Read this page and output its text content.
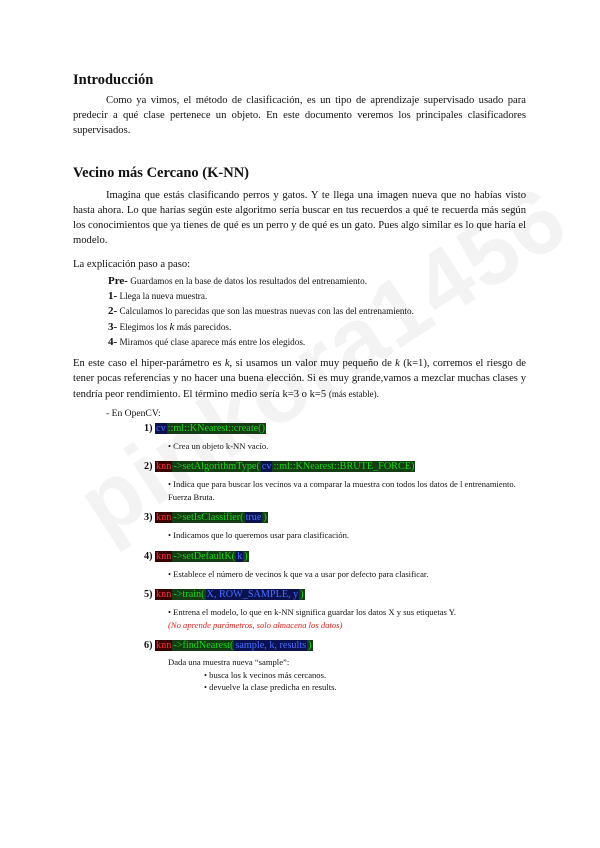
Introducción

Como ya vimos, el método de clasificación, es un tipo de aprendizaje supervisado usado para predecir a qué clase pertenece un objeto. En este documento veremos los principales clasificadores supervisados.

Vecino más Cercano (K-NN)

Imagina que estás clasificando perros y gatos. Y te llega una imagen nueva que no habías visto hasta ahora. Lo que harías según este algoritmo sería buscar en tus recuerdos a qué te recuerda más según los conocimientos que ya tienes de qué es un perro y de qué es un gato. Pues algo similar es lo que haría el modelo.

La explicación paso a paso:

Pre- Guardamos en la base de datos los resultados del entrenamiento.
1- Llega la nueva muestra.
2- Calculamos lo parecidas que son las muestras nuevas con las del entrenamiento.
3- Elegimos los k más parecidos.
4- Miramos qué clase aparece más entre los elegidos.

En este caso el hiper-parámetro es k, si usamos un valor muy pequeño de k (k=1), corremos el riesgo de tener pocas referencias y no hacer una buena elección. Si es muy grande,vamos a mezclar muchas clases y tendría peor rendimiento. El término medio sería k=3 o k=5 (más estable).

- En OpenCV:
1) cv ::ml::KNearest::create()
• Crea un objeto k-NN vacío.
2) knn ->setAlgorithmType( cv ::ml::KNearest::BRUTE_FORCE)
• Indica que para buscar los vecinos va a comparar la muestra con todos los datos de l entrenamiento. Fuerza Bruta.
3) knn ->setIsClassifier( true )
• Indicamos que lo queremos usar para clasificación.
4) knn ->setDefaultK( k )
• Establece el número de vecinos k que va a usar por defecto para clasificar.
5) knn ->train( X, ROW_SAMPLE, y )
• Entrena el modelo, lo que en k-NN significa guardar los datos X y sus etiquetas Y.
(No aprende parámetros, solo almacena los datos)
6) knn ->findNearest( sample, k, results )
Dada una muestra nueva “sample”:
• busca los k vecinos más cercanos.
• devuelve la clase predicha en results.
